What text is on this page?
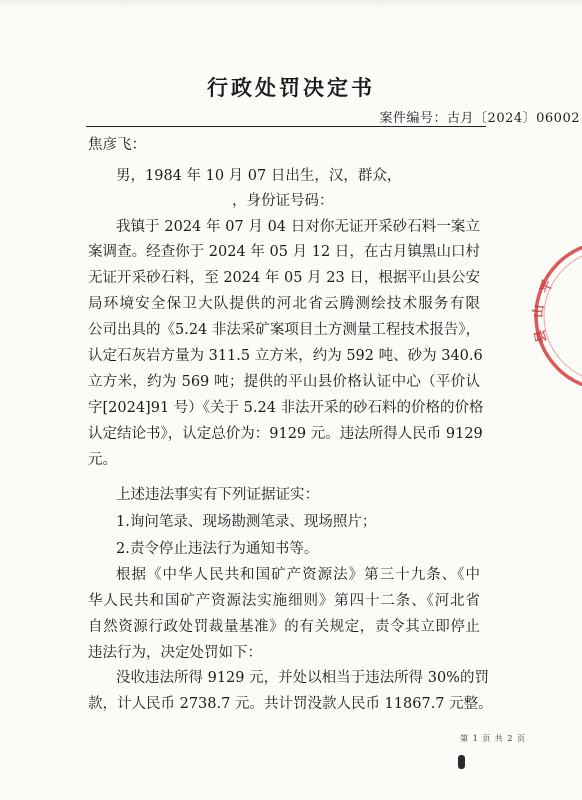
行政处罚决定书
案件编号：古月〔2024〕06002
焦彦飞：
男，1984 年 10 月 07 日出生，汉，群众，
，身份证号码：
我镇于 2024 年 07 月 04 日对你无证开采砂石料一案立
案调查。经查你于 2024 年 05 月 12 日，在古月镇黑山口村
无证开采砂石料，至 2024 年 05 月 23 日，根据平山县公安
局环境安全保卫大队提供的河北省云腾测绘技术服务有限
公司出具的《5.24 非法采矿案项目土方测量工程技术报告》，
认定石灰岩方量为 311.5 立方米，约为 592 吨、砂为 340.6
立方米，约为 569 吨；提供的平山县价格认证中心（平价认
字[2024]91 号）《关于 5.24 非法开采的砂石料的价格的价格
认定结论书》，认定总价为：9129 元。违法所得人民币 9129
元。
上述违法事实有下列证据证实：
1.询问笔录、现场勘测笔录、现场照片；
2.责令停止违法行为通知书等。
根据《中华人民共和国矿产资源法》第三十九条、《中
华人民共和国矿产资源法实施细则》第四十二条、《河北省
自然资源行政处罚裁量基准》的有关规定，责令其立即停止
违法行为，决定处罚如下：
没收违法所得 9129 元，并处以相当于违法所得 30%的罚
款，计人民币 2738.7 元。共计罚没款人民币 11867.7 元整。
平
山
县
第 1 页 共 2 页
